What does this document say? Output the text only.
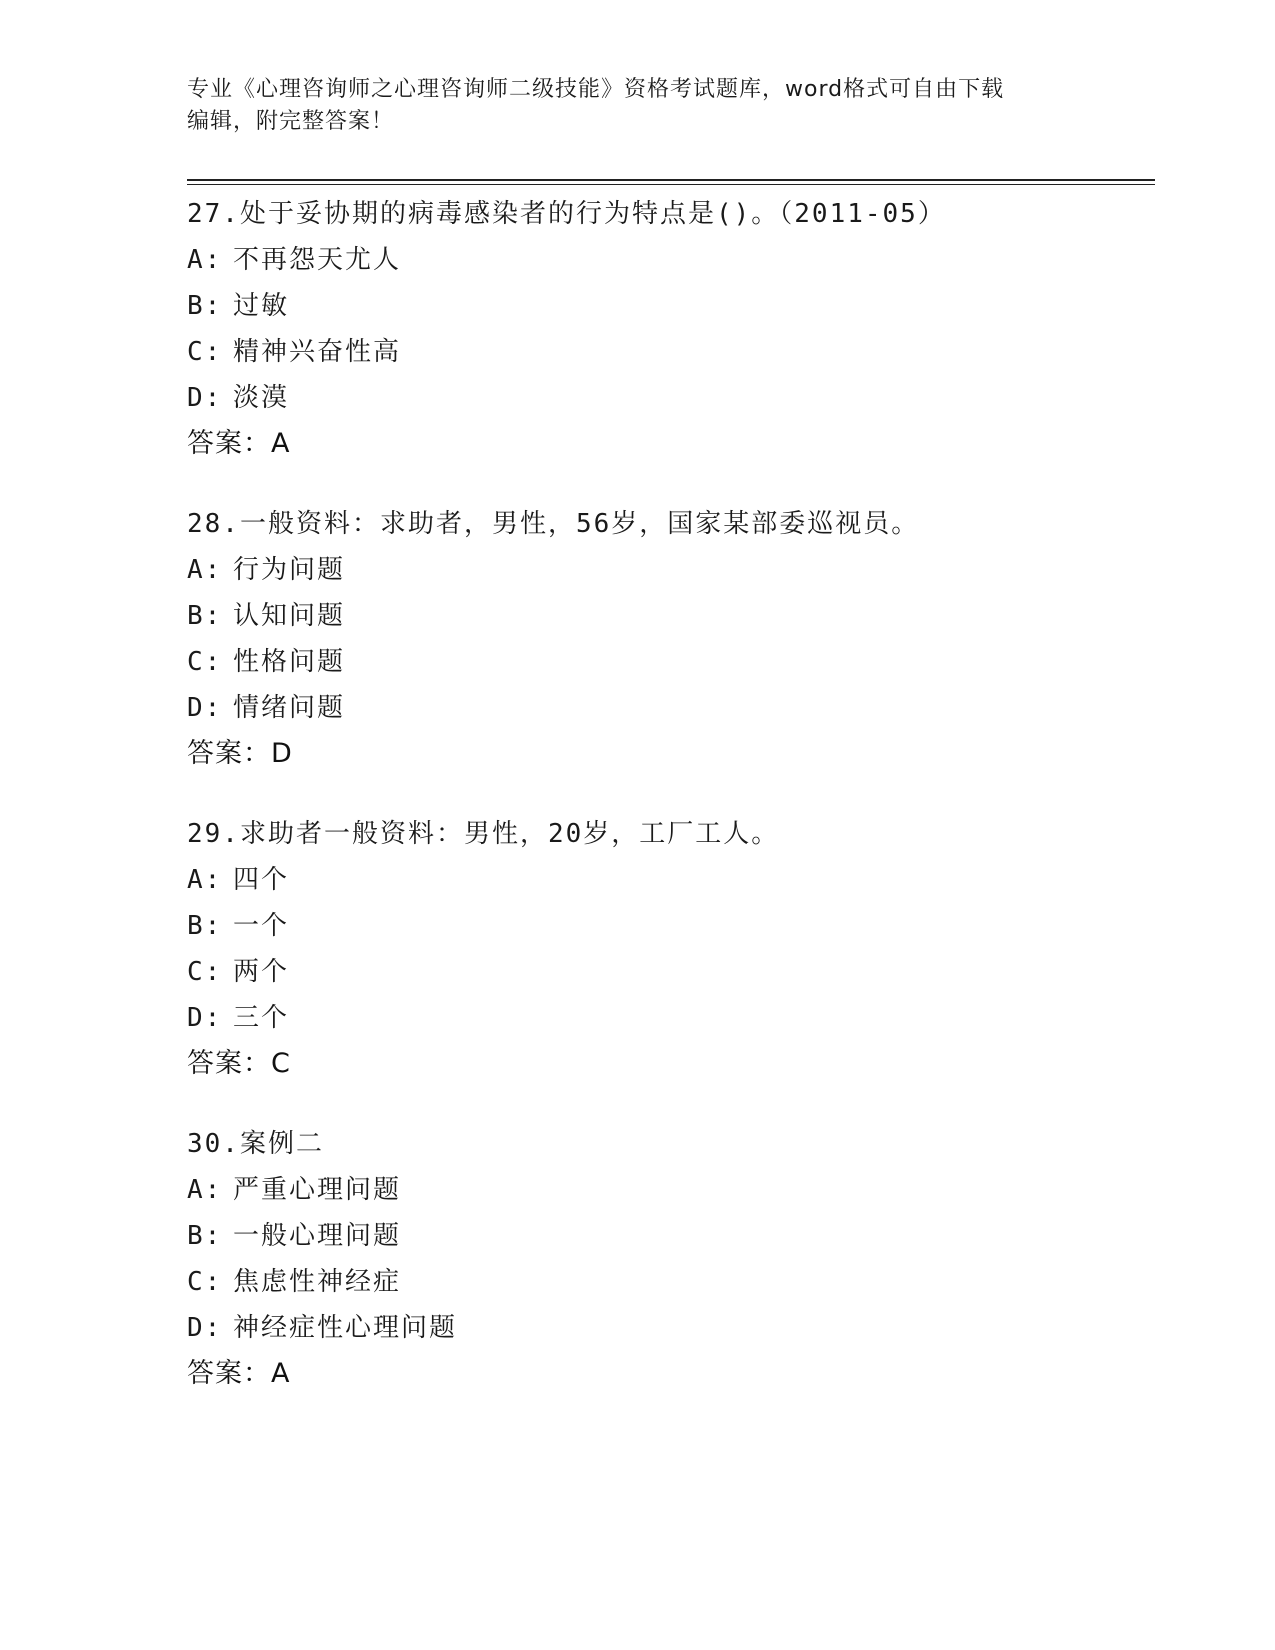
专业《心理咨询师之心理咨询师二级技能》资格考试题库，word格式可自由下载
编辑，附完整答案！
27.处于妥协期的病毒感染者的行为特点是()。（2011-05）
A: 不再怨天尤人
B: 过敏
C: 精神兴奋性高
D: 淡漠
答案：A
28.一般资料：求助者，男性，56岁，国家某部委巡视员。
A: 行为问题
B: 认知问题
C: 性格问题
D: 情绪问题
答案：D
29.求助者一般资料：男性，20岁，工厂工人。
A: 四个
B: 一个
C: 两个
D: 三个
答案：C
30.案例二
A: 严重心理问题
B: 一般心理问题
C: 焦虑性神经症
D: 神经症性心理问题
答案：A
